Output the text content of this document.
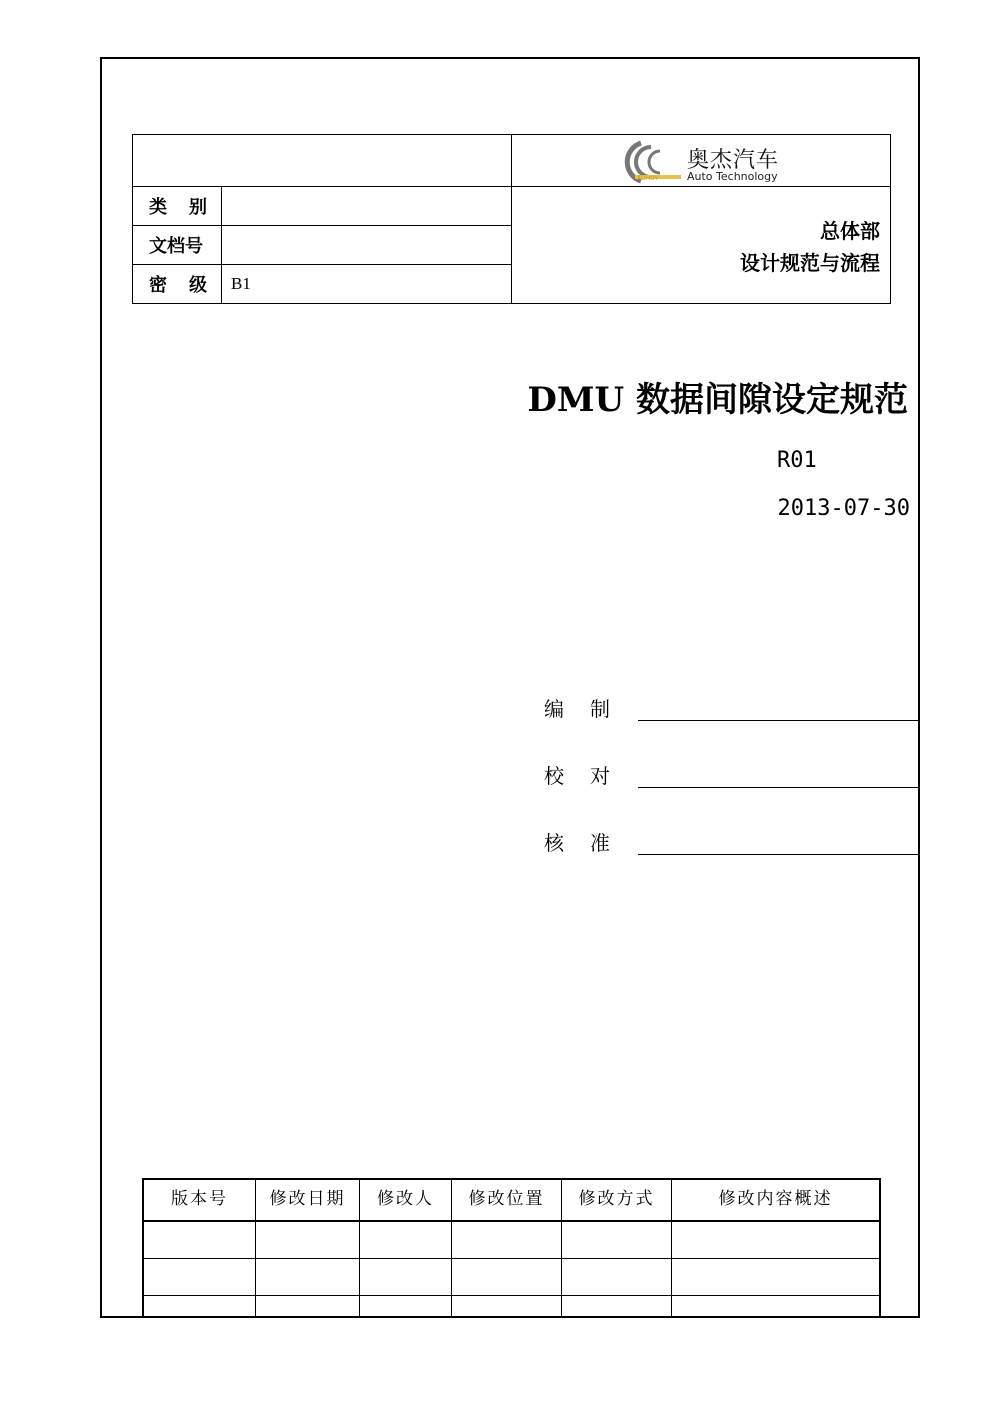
类 别
文档号
密 级 B1
奥杰汽车
Auto Technology
AOHUY
总体部
设计规范与流程
DMU 数据间隙设定规范
R01
2013-07-30
编 制
校 对
核 准
版本号	修改日期	修改人	修改位置	修改方式	修改内容概述
